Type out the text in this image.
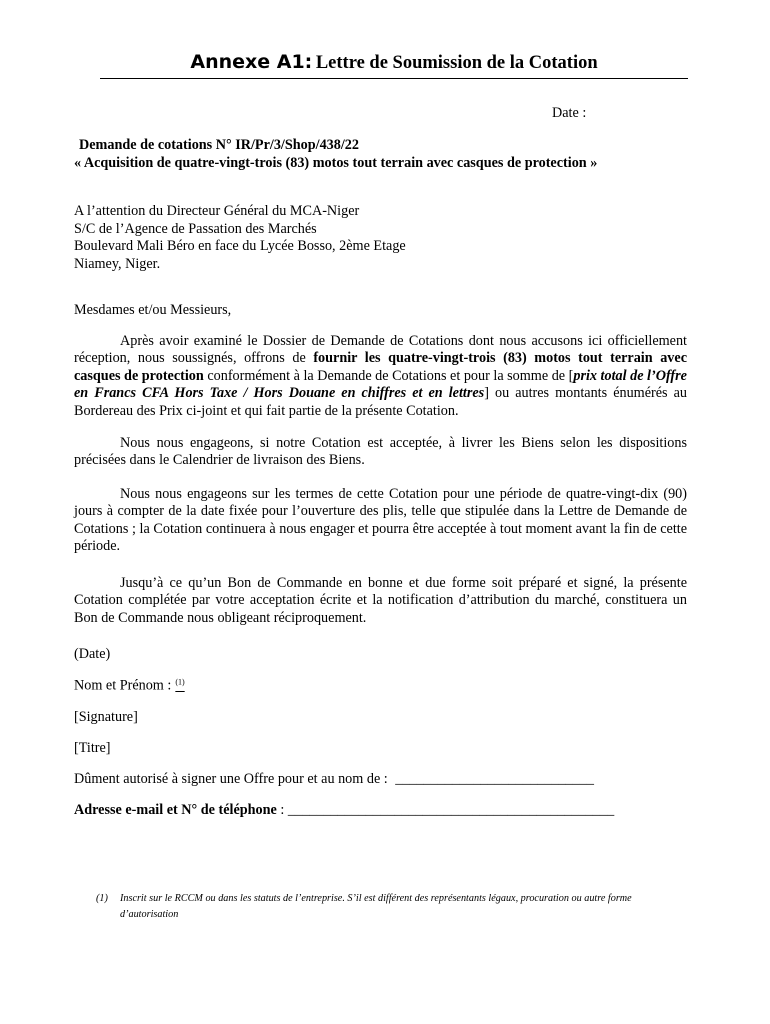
Annexe A1: Lettre de Soumission de la Cotation
Date :
Demande de cotations N° IR/Pr/3/Shop/438/22
« Acquisition de quatre-vingt-trois (83) motos tout terrain avec casques de protection »
A l’attention du Directeur Général du MCA-Niger
S/C de l’Agence de Passation des Marchés
Boulevard Mali Béro en face du Lycée Bosso, 2ème Etage
Niamey, Niger.
Mesdames et/ou Messieurs,
Après avoir examiné le Dossier de Demande de Cotations dont nous accusons ici officiellement réception, nous soussignés, offrons de fournir les quatre-vingt-trois (83) motos tout terrain avec casques de protection conformément à la Demande de Cotations et pour la somme de [prix total de l’Offre en Francs CFA Hors Taxe / Hors Douane en chiffres et en lettres] ou autres montants énumérés au Bordereau des Prix ci-joint et qui fait partie de la présente Cotation.
Nous nous engageons, si notre Cotation est acceptée, à livrer les Biens selon les dispositions précisées dans le Calendrier de livraison des Biens.
Nous nous engageons sur les termes de cette Cotation pour une période de quatre-vingt-dix (90) jours à compter de la date fixée pour l’ouverture des plis, telle que stipulée dans la Lettre de Demande de Cotations ; la Cotation continuera à nous engager et pourra être acceptée à tout moment avant la fin de cette période.
Jusqu’à ce qu’un Bon de Commande en bonne et due forme soit préparé et signé, la présente Cotation complétée par votre acceptation écrite et la notification d’attribution du marché, constituera un Bon de Commande nous obligeant réciproquement.
(Date)
Nom et Prénom : $^{(1)}$
[Signature]
[Titre]
Dûment autorisé à signer une Offre pour et au nom de : ____________________________
Adresse e-mail et N° de téléphone : ______________________________________________
(1) Inscrit sur le RCCM ou dans les statuts de l’entreprise. S’il est différent des représentants légaux, procuration ou autre forme d’autorisation
